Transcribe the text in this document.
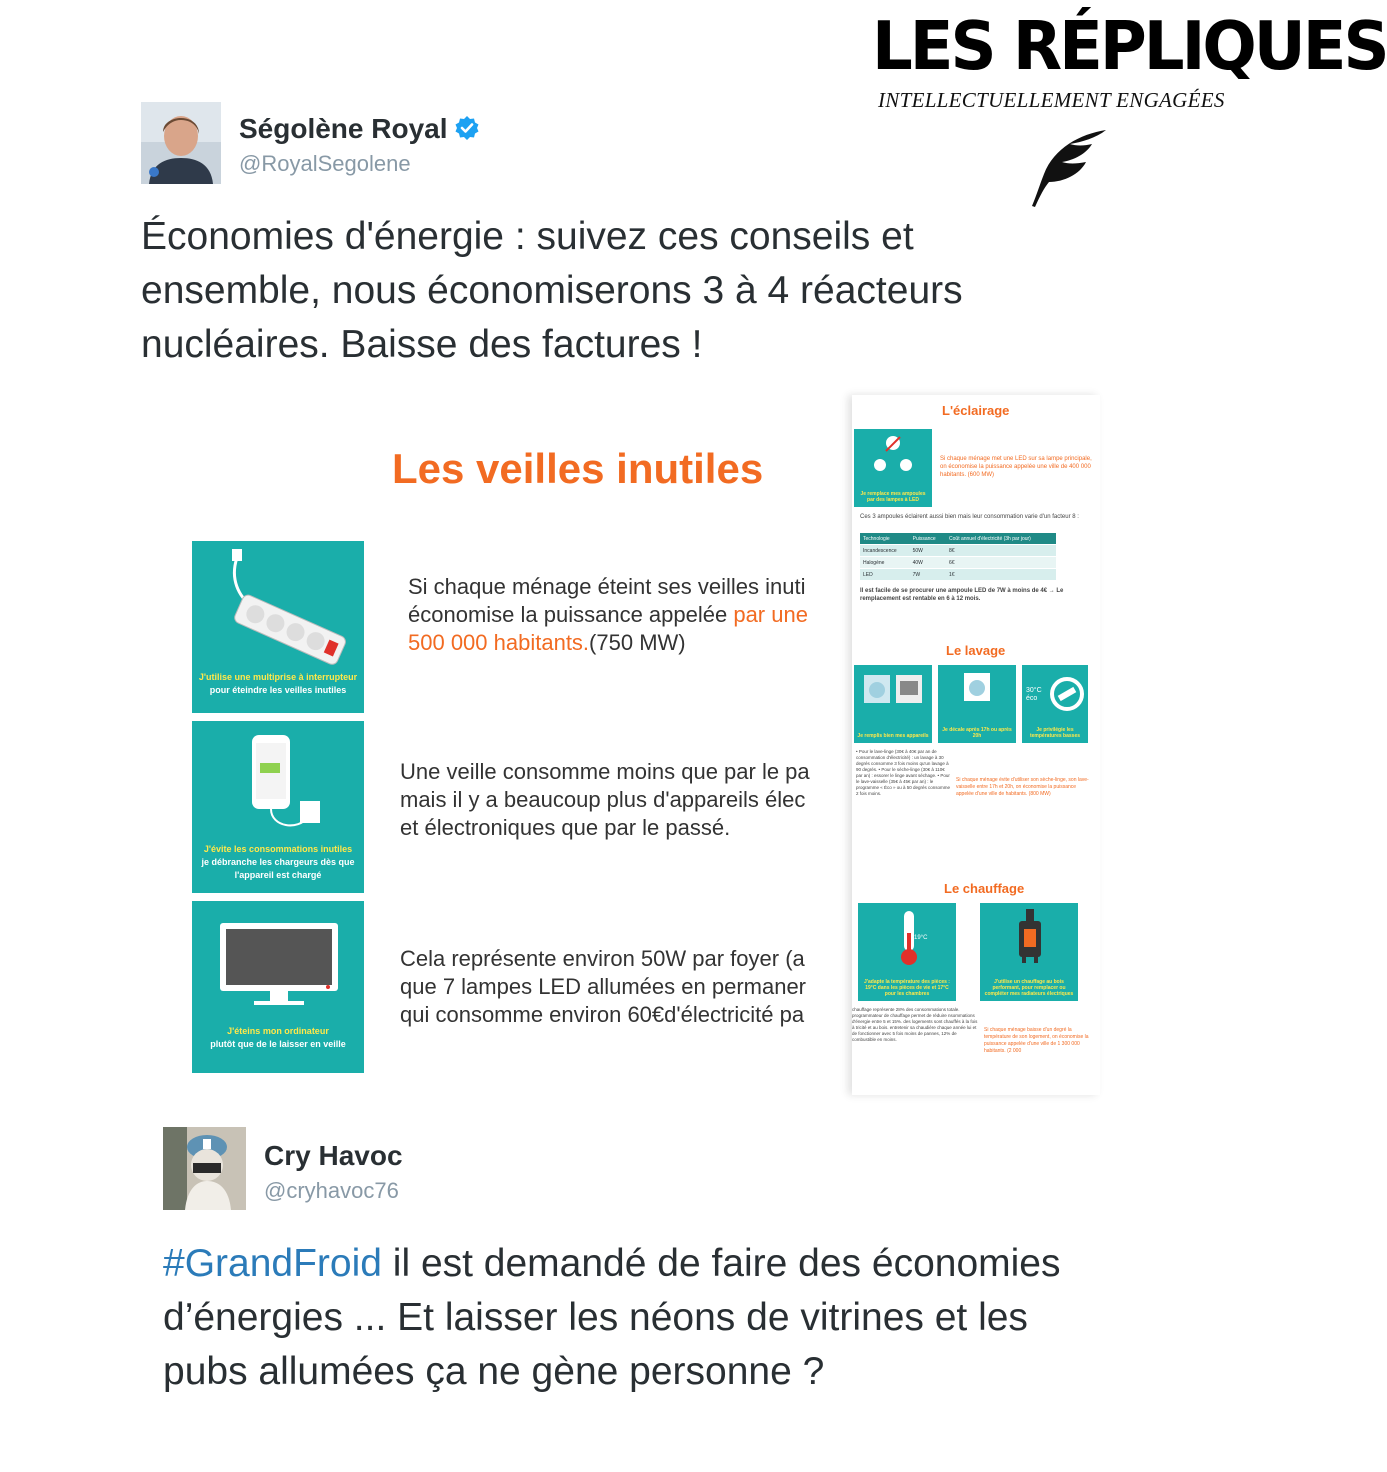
LES RÉPLIQUES
INTELLECTUELLEMENT ENGAGÉES
Ségolène Royal
@RoyalSegolene
Économies d'énergie : suivez ces conseils et ensemble, nous économiserons 3 à 4 réacteurs nucléaires. Baisse des factures !
Les veilles inutiles
J'utilise une multiprise à interrupteur
pour éteindre les veilles inutiles
J'évite les consommations inutiles
je débranche les chargeurs dès que l'appareil est chargé
J'éteins mon ordinateur
plutôt que de le laisser en veille
Si chaque ménage éteint ses veilles inuti
économise la puissance appelée par une
500 000 habitants.(750 MW)
Une veille consomme moins que par le pa
mais il y a beaucoup plus d'appareils élec
et électroniques que par le passé.
Cela représente environ 50W par foyer (a
que 7 lampes LED allumées en permaner
qui consomme environ 60€d'électricité pa
L'éclairage
Je remplace mes ampoules par des lampes à LED
Si chaque ménage met une LED sur sa lampe principale, on économise la puissance appelée une ville de 400 000 habitants. (600 MW)
Ces 3 ampoules éclairent aussi bien mais leur consommation varie d'un facteur 8 :
Technologie	Puissance	Coût annuel d'électricité (3h par jour)
Incandescence	50W	8€
Halogène	40W	6€
LED	7W	1€
Il est facile de se procurer une ampoule LED de 7W à moins de 4€ → Le remplacement est rentable en 6 à 12 mois.
Le lavage
Je remplis bien mes appareils
Je décale après 17h ou après 20h
30°C éco
Je privilégie les températures basses
• Pour le lave-linge (30€ à 40€ par an de consommation d'électricité) : un lavage à 30 degrés consomme 3 fois moins qu'un lavage à 90 degrés. • Pour le sèche-linge (30€ à 110€ par an) : essorer le linge avant séchage. • Pour le lave-vaisselle (35€ à 45€ par an) : le programme « Éco » ou à 50 degrés consomme 2 fois moins.
Si chaque ménage évite d'utiliser son sèche-linge, son lave-vaisselle entre 17h et 20h, on économise la puissance appelée d'une ville de habitants. (800 MW)
Le chauffage
19°C
J'adapte la température des pièces : 19°C dans les pièces de vie et 17°C pour les chambres
J'utilise un chauffage au bois performant, pour remplacer ou compléter mes radiateurs électriques
chauffage représente 28% des consommations totale. programmateur de chauffage permet de réduire nsommations d'énergie entre 5 et 15%. des logements sont chauffés à la fois à tricité et au bois. entretenir sa chaudière chaque année lui et de fonctionner avec 5 fois moins de pannes, 12% de combustible en moins.
Si chaque ménage baisse d'un degré la température de son logement, on économise la puissance appelée d'une ville de 1 300 000 habitants. (2 000
Cry Havoc
@cryhavoc76
#GrandFroid il est demandé de faire des économies d’énergies ... Et laisser les néons de vitrines et les pubs allumées ça ne gène personne ?
